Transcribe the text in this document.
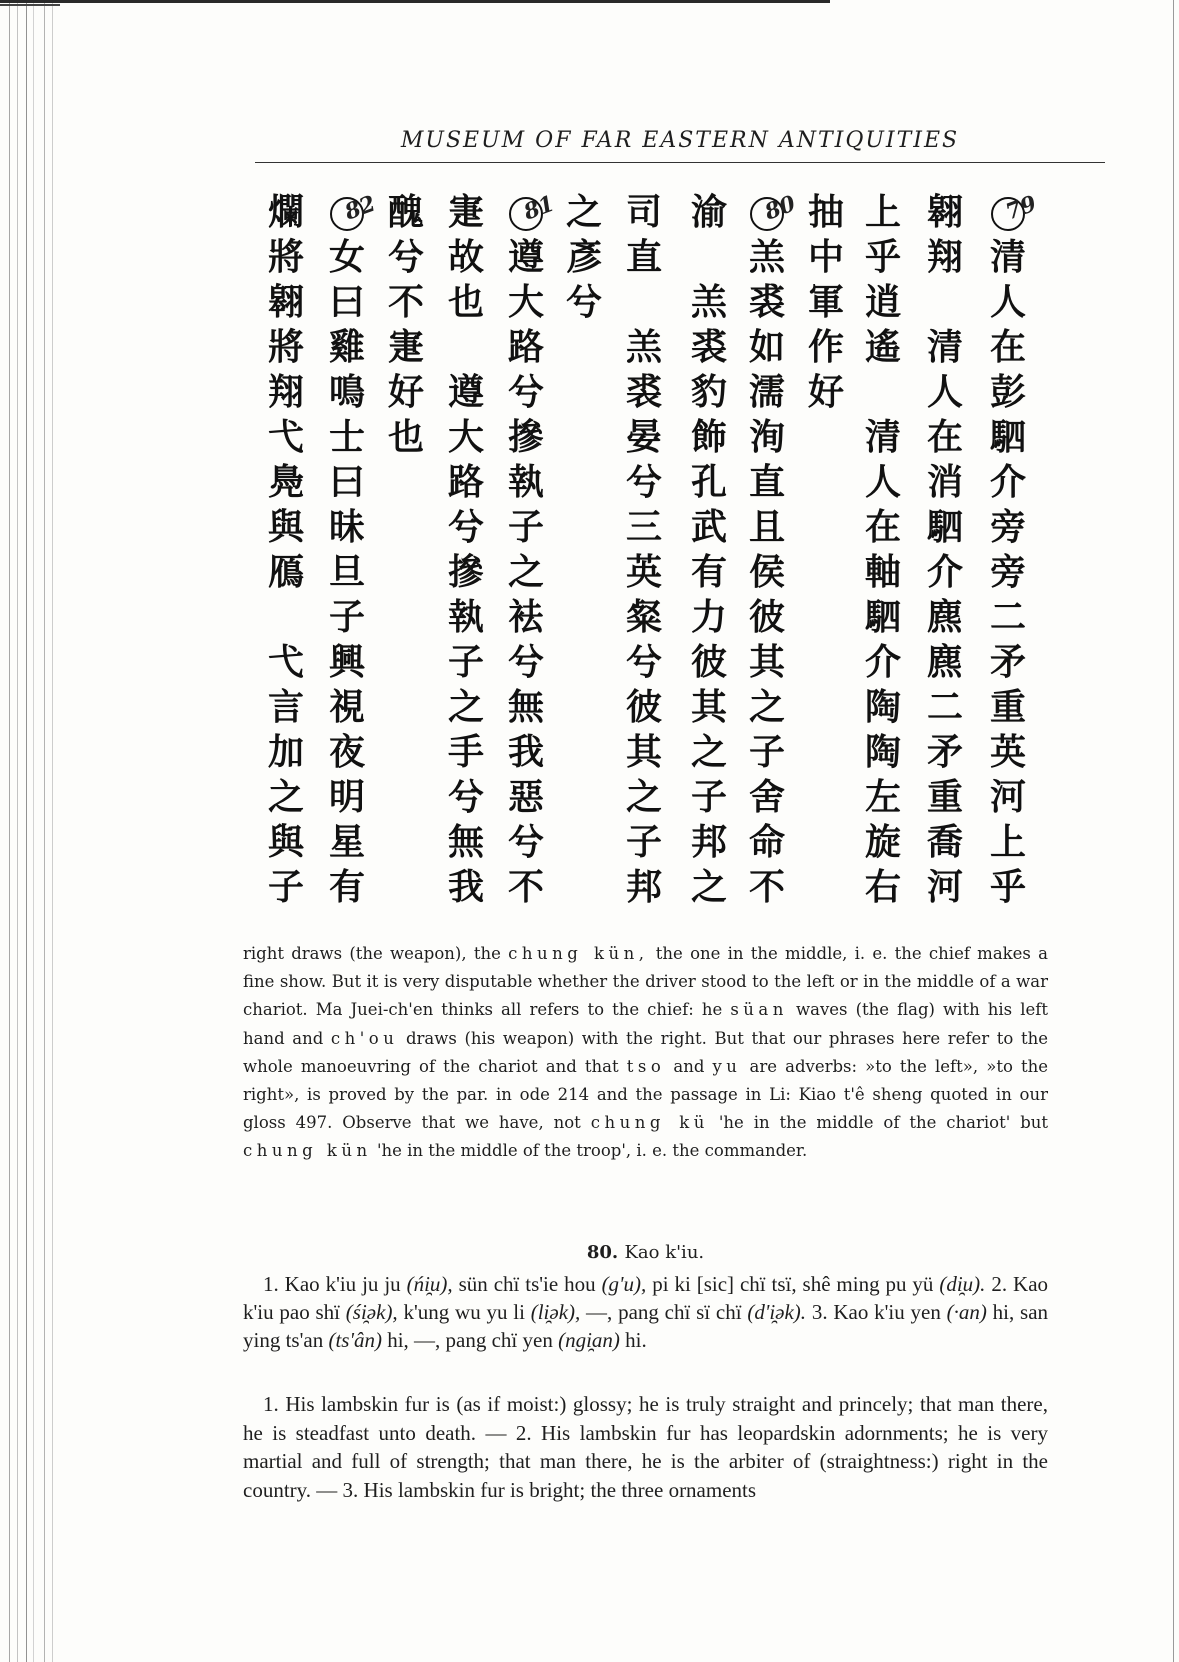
MUSEUM OF FAR EASTERN ANTIQUITIES
79
清
人
在
彭
駟
介
旁
旁
二
矛
重
英
河
上
乎
翱
翔
清
人
在
消
駟
介
麃
麃
二
矛
重
喬
河
上
乎
逍
遙
清
人
在
軸
駟
介
陶
陶
左
旋
右
抽
中
軍
作
好
80
羔
裘
如
濡
洵
直
且
侯
彼
其
之
子
舍
命
不
渝
羔
裘
豹
飾
孔
武
有
力
彼
其
之
子
邦
之
司
直
羔
裘
晏
兮
三
英
粲
兮
彼
其
之
子
邦
之
彥
兮
81
遵
大
路
兮
摻
執
子
之
袪
兮
無
我
惡
兮
不
寁
故
也
遵
大
路
兮
摻
執
子
之
手
兮
無
我
醜
兮
不
寁
好
也
82
女
曰
雞
鳴
士
曰
昧
旦
子
興
視
夜
明
星
有
爛
將
翱
將
翔
弋
鳧
與
鴈
弋
言
加
之
與
子
right draws (the weapon), the chung kün, the one in the middle, i. e. the chief makes a fine show. But it is very disputable whether the driver stood to the left or in the middle of a war chariot. Ma Juei-ch'en thinks all refers to the chief: he süan waves (the flag) with his left hand and ch'ou draws (his weapon) with the right. But that our phrases here refer to the whole manoeuvring of the chariot and that tso and yu are adverbs: »to the left», »to the right», is proved by the par. in ode 214 and the passage in Li: Kiao t'ê sheng quoted in our gloss 497. Observe that we have, not chung kü 'he in the middle of the chariot' but chung kün 'he in the middle of the troop', i. e. the commander.
80. Kao k'iu.
1. Kao k'iu ju ju (ńi̯u), sün chï ts'ie hou (g'u), pi ki [sic] chï tsï, shê ming pu yü (di̯u). 2. Kao k'iu pao shï (śi̯ək), k'ung wu yu li (li̯ək), —, pang chï sï chï (d'i̯ək). 3. Kao k'iu yen (·an) hi, san ying ts'an (ts'ân) hi, —, pang chï yen (ngi̯an) hi.
1. His lambskin fur is (as if moist:) glossy; he is truly straight and princely; that man there, he is steadfast unto death. — 2. His lambskin fur has leopardskin adornments; he is very martial and full of strength; that man there, he is the arbiter of (straightness:) right in the country. — 3. His lambskin fur is bright; the three ornaments
